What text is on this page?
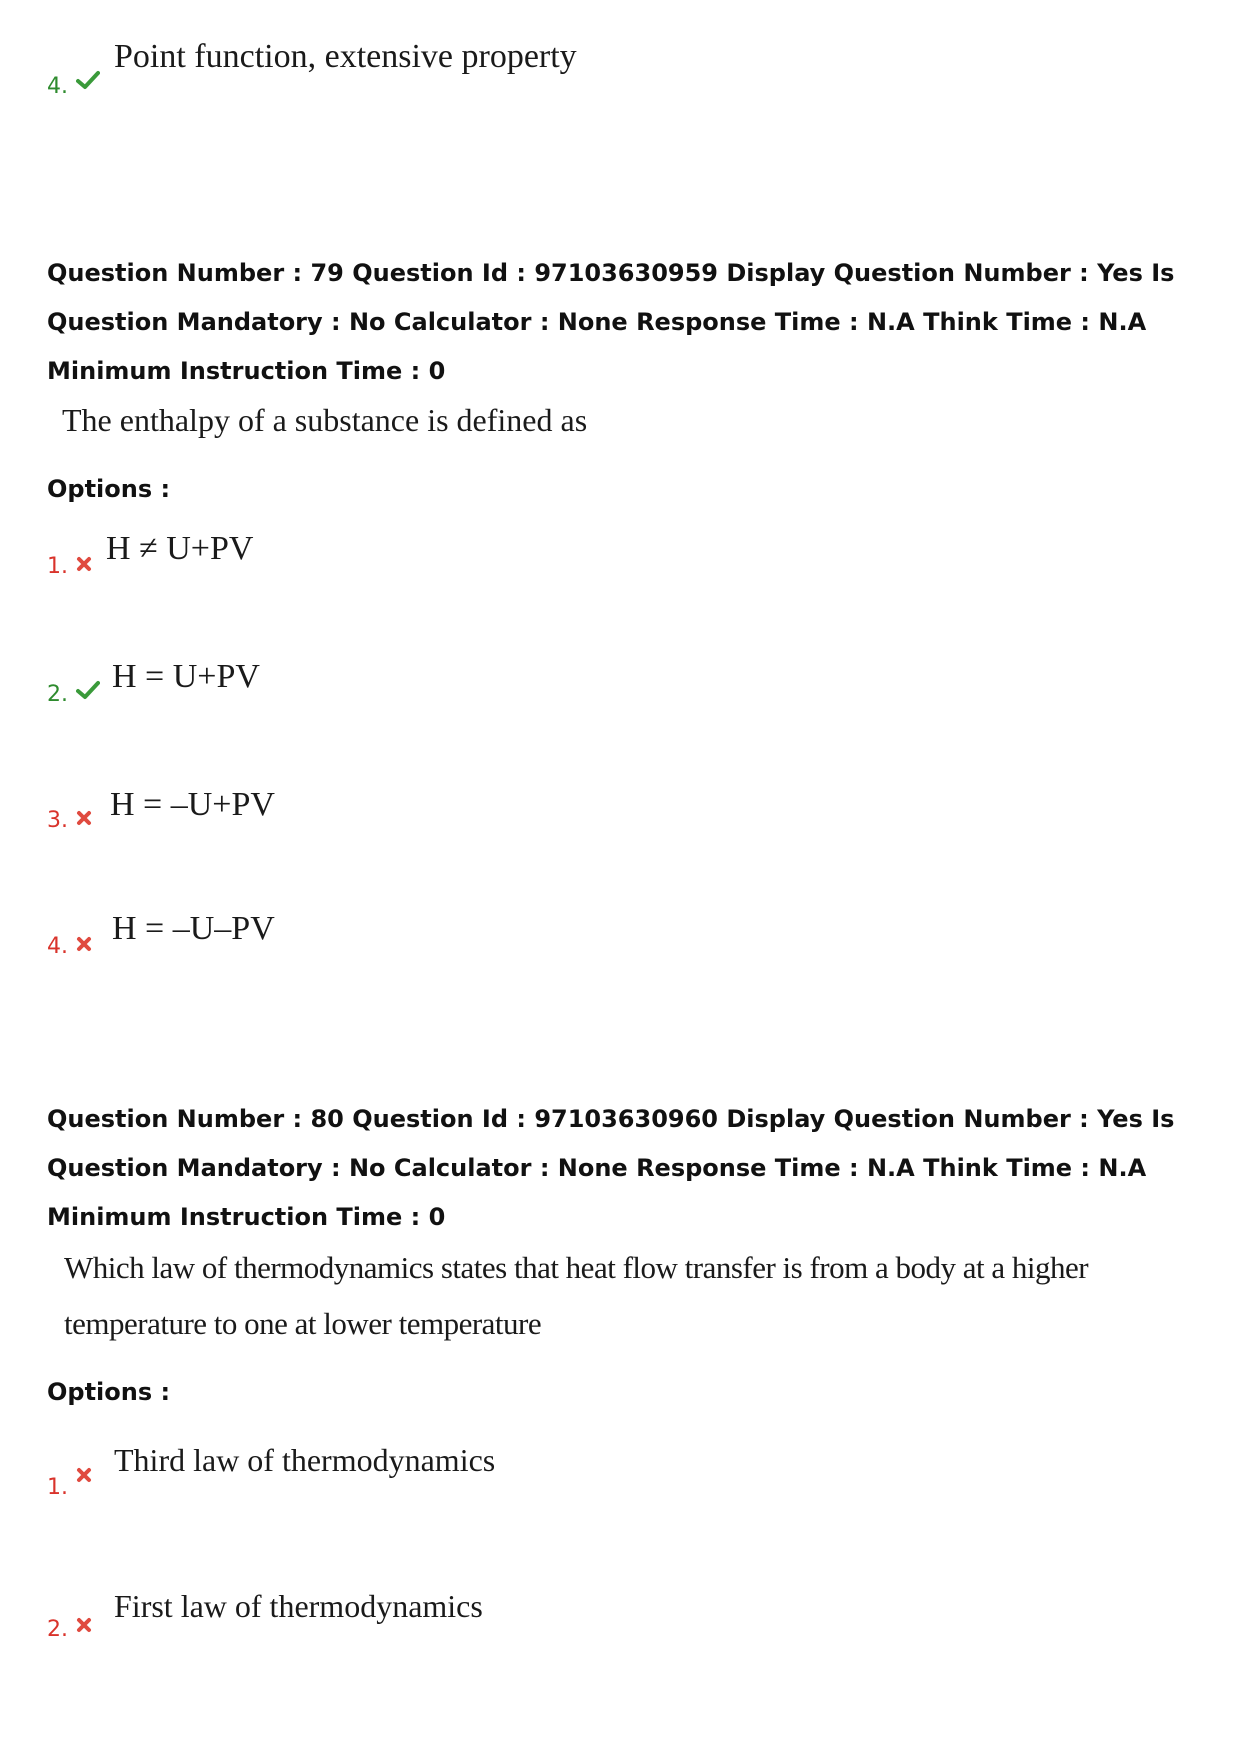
4.
Point function, extensive property

Question Number : 79 Question Id : 97103630959 Display Question Number : Yes Is Question Mandatory : No Calculator : None Response Time : N.A Think Time : N.A Minimum Instruction Time : 0

The enthalpy of a substance is defined as
Options :
1. H ≠ U+PV
2. H = U+PV
3. H = –U+PV
4. H = –U–PV

Question Number : 80 Question Id : 97103630960 Display Question Number : Yes Is Question Mandatory : No Calculator : None Response Time : N.A Think Time : N.A Minimum Instruction Time : 0

Which law of thermodynamics states that heat flow transfer is from a body at a higher
temperature to one at lower temperature
Options :
1.
Third law of thermodynamics
2.
First law of thermodynamics
